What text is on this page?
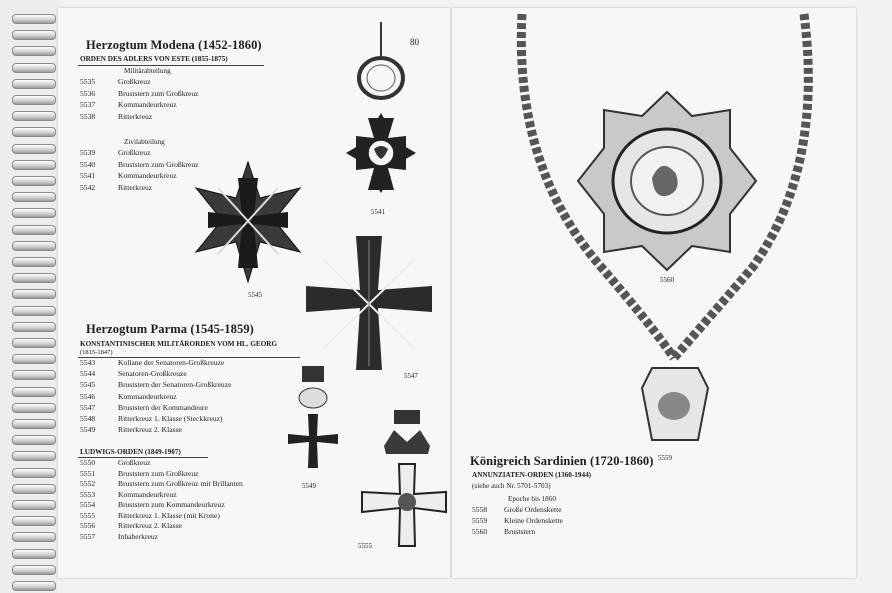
Herzogtum Modena (1452-1860)	80
ORDEN DES ADLERS VON ESTE (1855-1875)
Militärabteilung
5535	Großkreuz
5536	Bruststern zum Großkreuz
5537	Kommandeurkreuz
5538	Ritterkreuz
Zivilabteilung
5539	Großkreuz
5540	Bruststern zum Großkreuz
5541	Kommandeurkreuz
5542	Ritterkreuz
5541
5545
5547
Herzogtum Parma (1545-1859)
KONSTANTINISCHER MILITÄRORDEN VOM HL. GEORG
(1815-1847)
5543	Kollane der Senatoren-Großkreuze
5544	Senatoren-Großkreuze
5545	Bruststern der Senatoren-Großkreuze
5546	Kommandeurkreuz
5547	Bruststern der Kommandeure
5548	Ritterkreuz 1. Klasse (Steckkreuz)
5549	Ritterkreuz 2. Klasse
LUDWIGS-ORDEN (1849-1907)
5550	Großkreuz
5551	Bruststern zum Großkreuz
5552	Bruststern zum Großkreuz mit Brillanten
5553	Kommandeurkreuz
5554	Bruststern zum Kommandeurkreuz
5555	Ritterkreuz 1. Klasse (mit Krone)
5556	Ritterkreuz 2. Klasse
5557	Inhaberkreuz
5549
5555
5560
5559
Königreich Sardinien (1720-1860)
ANNUNZIATEN-ORDEN (1360-1944)
(siehe auch Nr. 5701-5703)
Epoche bis 1860
5558	Große Ordenskette
5559	Kleine Ordenskette
5560	Bruststern
